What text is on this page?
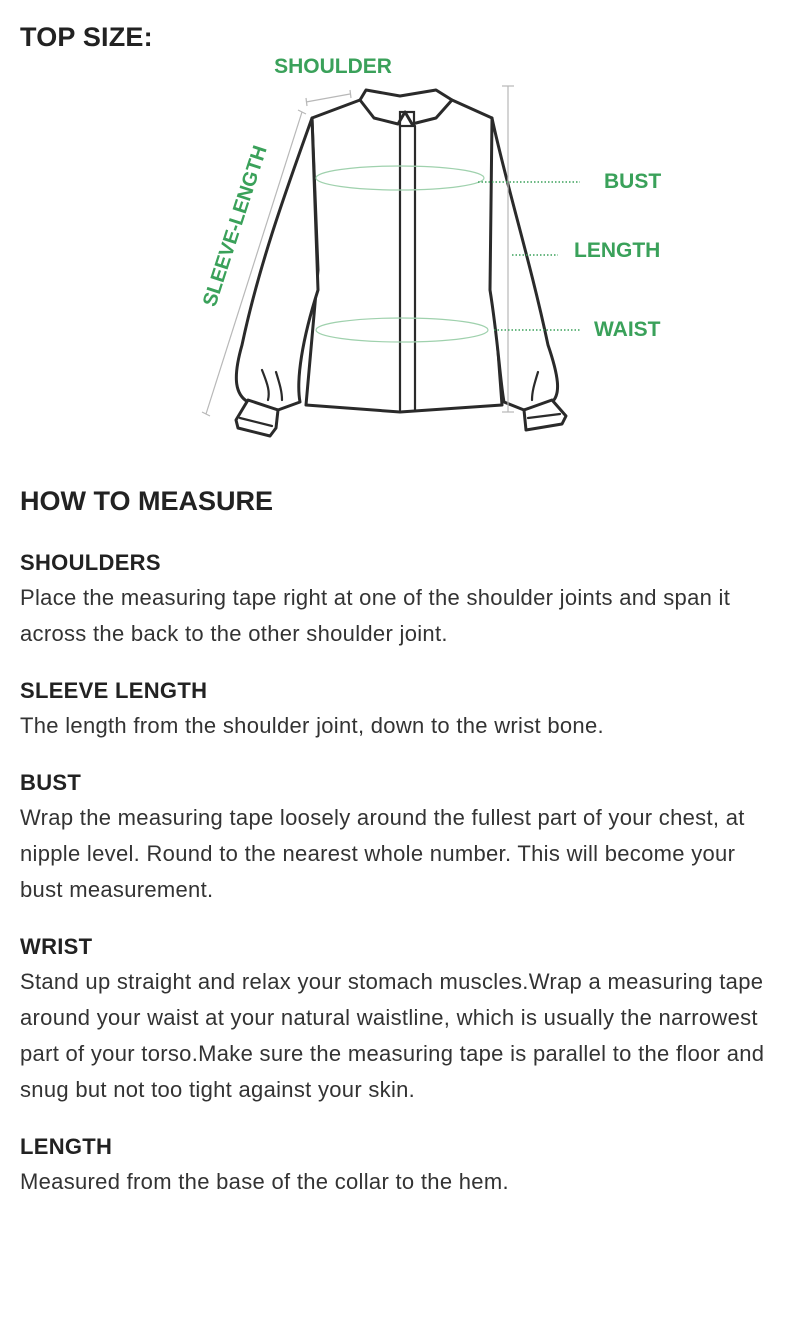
TOP SIZE:
SHOULDER
SLEEVE-LENGTH	BUST
LENGTH
WAIST
HOW TO MEASURE
SHOULDERS
Place the measuring tape right at one of the shoulder joints and span it across the back to the other shoulder joint.
SLEEVE LENGTH
The length from the shoulder joint, down to the wrist bone.
BUST
Wrap the measuring tape loosely around the fullest part of your chest, at nipple level. Round to the nearest whole number. This will become your bust measurement.
WRIST
Stand up straight and relax your stomach muscles.Wrap a measuring tape around your waist at your natural waistline, which is usually the narrowest part of your torso.Make sure the measuring tape is parallel to the floor and snug but not too tight against your skin.
LENGTH
Measured from the base of the collar to the hem.
